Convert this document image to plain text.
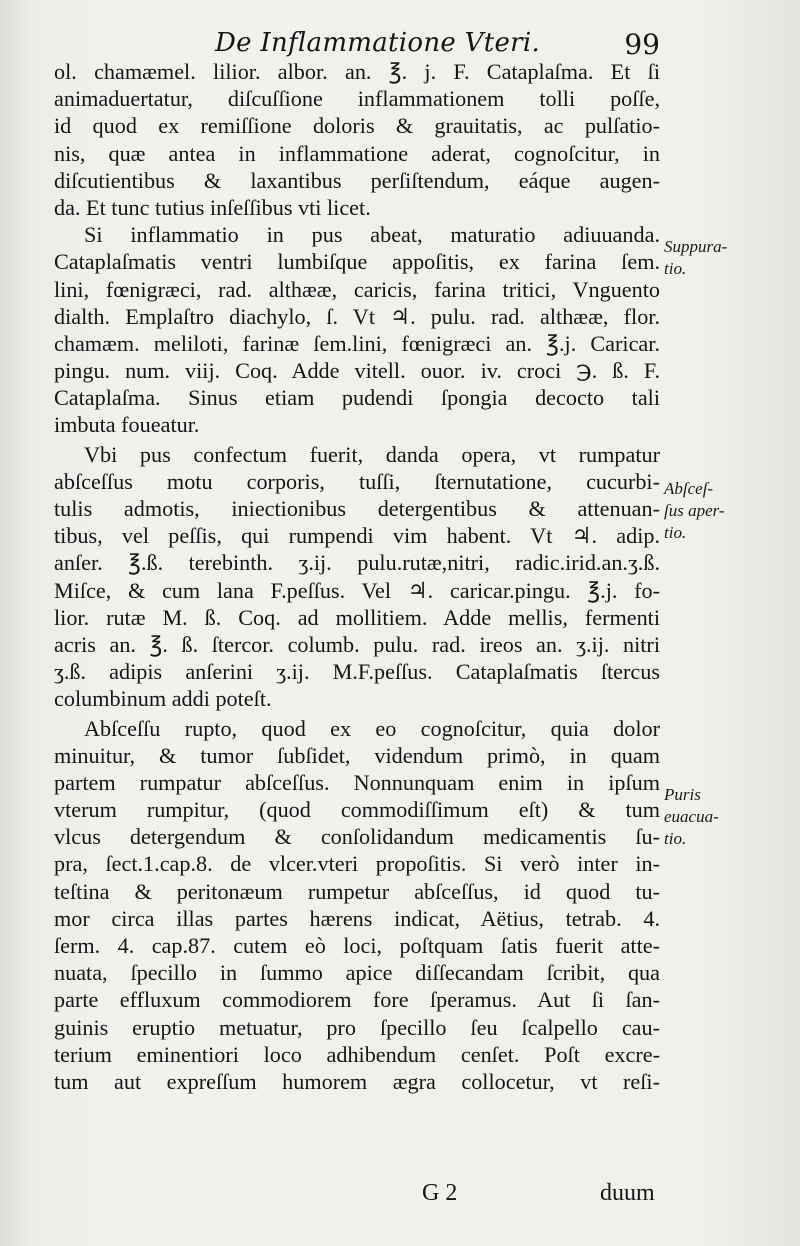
De Inflammatione Vteri.	99
ol. chamæmel. lilior. albor. an. ℥. j. F. Cataplaſma. Et ſi
animaduertatur, diſcuſſione inflammationem tolli poſſe,
id quod ex remiſſione doloris & grauitatis, ac pulſatio-
nis, quæ antea in inflammatione aderat, cognoſcitur, in
diſcutientibus & laxantibus perſiſtendum, eáque augen-
da. Et tunc tutius inſeſſibus vti licet.
Si inflammatio in pus abeat, maturatio adiuuanda.
Cataplaſmatis ventri lumbiſque appoſitis, ex farina ſem.
lini, fœnigræci, rad. althææ, caricis, farina tritici, Vnguento
dialth. Emplaſtro diachylo, ſ. Vt ♃. pulu. rad. althææ, flor.
chamæm. meliloti, farinæ ſem.lini, fœnigræci an. ℥.j. Caricar.
pingu. num. viij. Coq. Adde vitell. ouor. iv. croci ℈. ß. F.
Cataplaſma. Sinus etiam pudendi ſpongia decocto tali
imbuta foueatur.
Vbi pus confectum fuerit, danda opera, vt rumpatur
abſceſſus motu corporis, tuſſi, ſternutatione, cucurbi-
tulis admotis, iniectionibus detergentibus & attenuan-
tibus, vel peſſis, qui rumpendi vim habent. Vt ♃. adip.
anſer. ℥.ß. terebinth. ʒ.ij. pulu.rutæ,nitri, radic.irid.an.ʒ.ß.
Miſce, & cum lana F.peſſus. Vel ♃. caricar.pingu. ℥.j. fo-
lior. rutæ M. ß. Coq. ad mollitiem. Adde mellis, fermenti
acris an. ℥. ß. ſtercor. columb. pulu. rad. ireos an. ʒ.ij. nitri
ʒ.ß. adipis anſerini ʒ.ij. M.F.peſſus. Cataplaſmatis ſtercus
columbinum addi poteſt.
Abſceſſu rupto, quod ex eo cognoſcitur, quia dolor
minuitur, & tumor ſubſidet, videndum primò, in quam
partem rumpatur abſceſſus. Nonnunquam enim in ipſum
vterum rumpitur, (quod commodiſſimum eſt) & tum
vlcus detergendum & conſolidandum medicamentis ſu-
pra, ſect.1.cap.8. de vlcer.vteri propoſitis. Si verò inter in-
teſtina & peritonæum rumpetur abſceſſus, id quod tu-
mor circa illas partes hærens indicat, Aëtius, tetrab. 4.
ſerm. 4. cap.87. cutem eò loci, poſtquam ſatis fuerit atte-
nuata, ſpecillo in ſummo apice diſſecandam ſcribit, qua
parte effluxum commodiorem fore ſperamus. Aut ſi ſan-
guinis eruptio metuatur, pro ſpecillo ſeu ſcalpello cau-
terium eminentiori loco adhibendum cenſet. Poſt excre-
tum aut expreſſum humorem ægra collocetur, vt reſi-
Suppura-
tio.
Abſceſ-
ſus aper-
tio.
Puris
euacua-
tio.
G 2	duum
